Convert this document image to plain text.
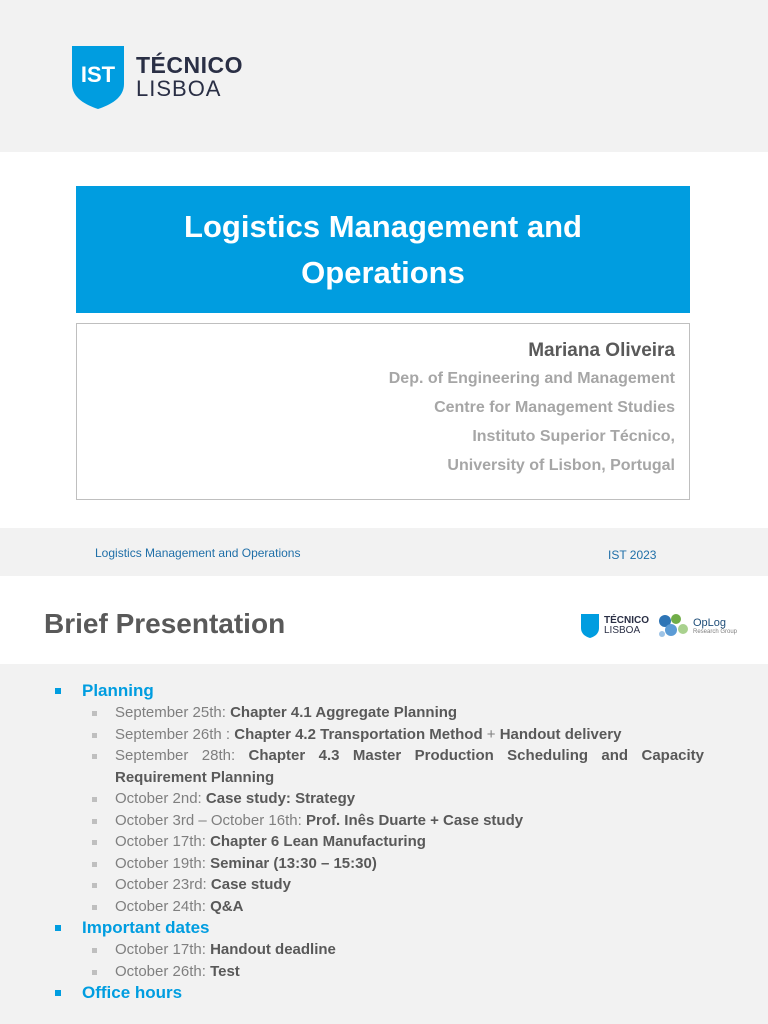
IST TÉCNICO
LISBOA
Logistics Management and Operations
Mariana Oliveira
Dep. of Engineering and Management
Centre for Management Studies
Instituto Superior Técnico,
University of Lisbon, Portugal
Logistics Management and Operations	IST 2023
Brief Presentation	TÉCNICO
LISBOA
OpLog
Research Group
Planning
September 25th: Chapter 4.1 Aggregate Planning
September 26th : Chapter 4.2 Transportation Method + Handout delivery
September 28th: Chapter 4.3 Master Production Scheduling and Capacity
Requirement Planning
October 2nd: Case study: Strategy
October 3rd – October 16th: Prof. Inês Duarte + Case study
October 17th: Chapter 6 Lean Manufacturing
October 19th: Seminar (13:30 – 15:30)
October 23rd: Case study
October 24th: Q&A
Important dates
October 17th: Handout deadline
October 26th: Test
Office hours
